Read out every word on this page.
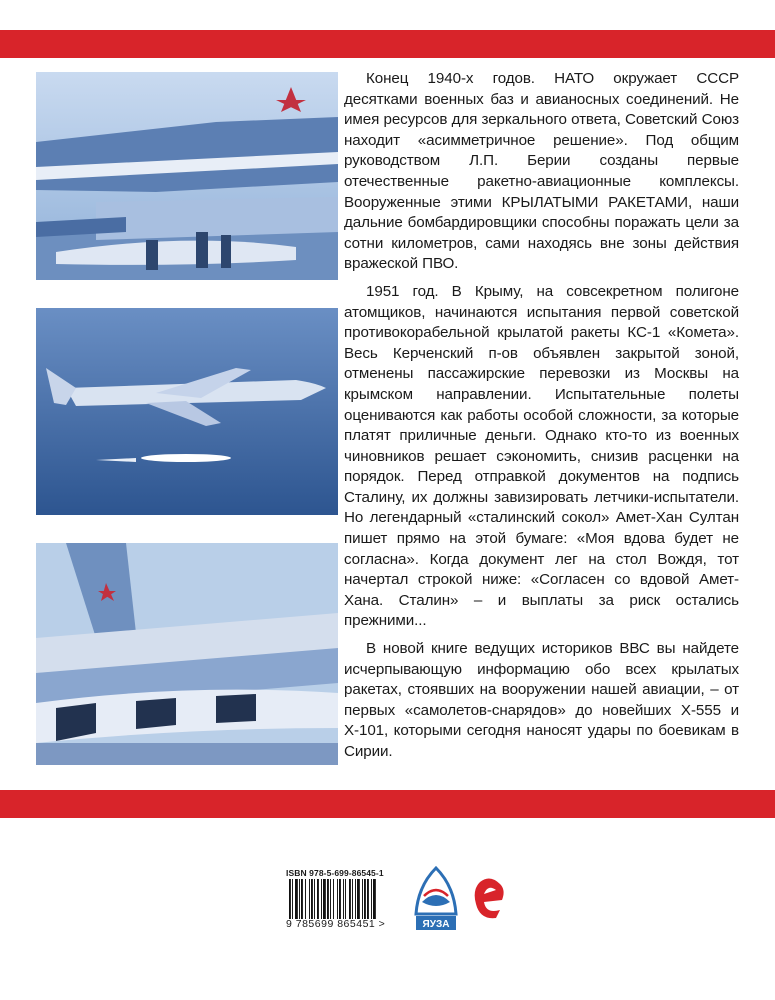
Конец 1940-х годов. НАТО окружает СССР десятками военных баз и авианосных соединений. Не имея ресурсов для зеркального ответа, Советский Союз находит «асимметричное решение». Под общим руководством Л.П. Берии созданы первые отечественные ракетно-авиационные комплексы. Вооруженные этими КРЫЛАТЫМИ РАКЕТАМИ, наши дальние бомбардировщики способны поражать цели за сотни километров, сами находясь вне зоны действия вражеской ПВО.

1951 год. В Крыму, на совсекретном полигоне атомщиков, начинаются испытания первой советской противокорабельной крылатой ракеты КС-1 «Комета». Весь Керченский п-ов объявлен закрытой зоной, отменены пассажирские перевозки из Москвы на крымском направлении. Испытательные полеты оцениваются как работы особой сложности, за которые платят приличные деньги. Однако кто-то из военных чиновников решает сэкономить, снизив расценки на порядок. Перед отправкой документов на подпись Сталину, их должны завизировать летчики-испытатели. Но легендарный «сталинский сокол» Амет-Хан Султан пишет прямо на этой бумаге: «Моя вдова будет не согласна». Когда документ лег на стол Вождя, тот начертал строкой ниже: «Согласен со вдовой Амет-Хана. Сталин» – и выплаты за риск остались прежними...

В новой книге ведущих историков ВВС вы найдете исчерпывающую информацию обо всех крылатых ракетах, стоявших на вооружении нашей авиации, – от первых «самолетов-снарядов» до новейших Х-555 и Х-101, которыми сегодня наносят удары по боевикам в Сирии.

ISBN 978-5-699-86545-1
9 785699 865451 >	ЯУЗА
